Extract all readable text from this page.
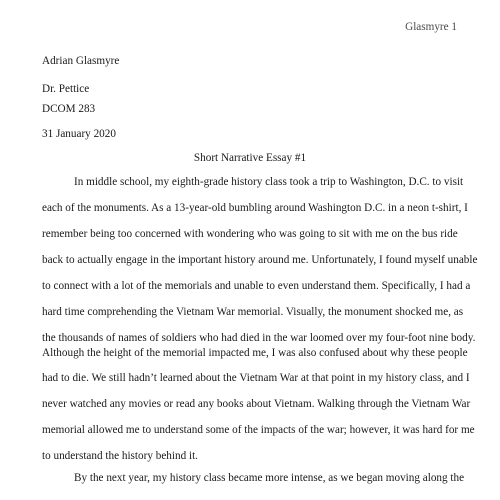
Glasmyre 1
Adrian Glasmyre
Dr. Pettice
DCOM 283
31 January 2020
Short Narrative Essay #1
In middle school, my eighth-grade history class took a trip to Washington, D.C. to visit
each of the monuments. As a 13-year-old bumbling around Washington D.C. in a neon t-shirt, I
remember being too concerned with wondering who was going to sit with me on the bus ride
back to actually engage in the important history around me. Unfortunately, I found myself unable
to connect with a lot of the memorials and unable to even understand them. Specifically, I had a
hard time comprehending the Vietnam War memorial. Visually, the monument shocked me, as
the thousands of names of soldiers who had died in the war loomed over my four-foot nine body.
Although the height of the memorial impacted me, I was also confused about why these people
had to die. We still hadn’t learned about the Vietnam War at that point in my history class, and I
never watched any movies or read any books about Vietnam. Walking through the Vietnam War
memorial allowed me to understand some of the impacts of the war; however, it was hard for me
to understand the history behind it.
By the next year, my history class became more intense, as we began moving along the
